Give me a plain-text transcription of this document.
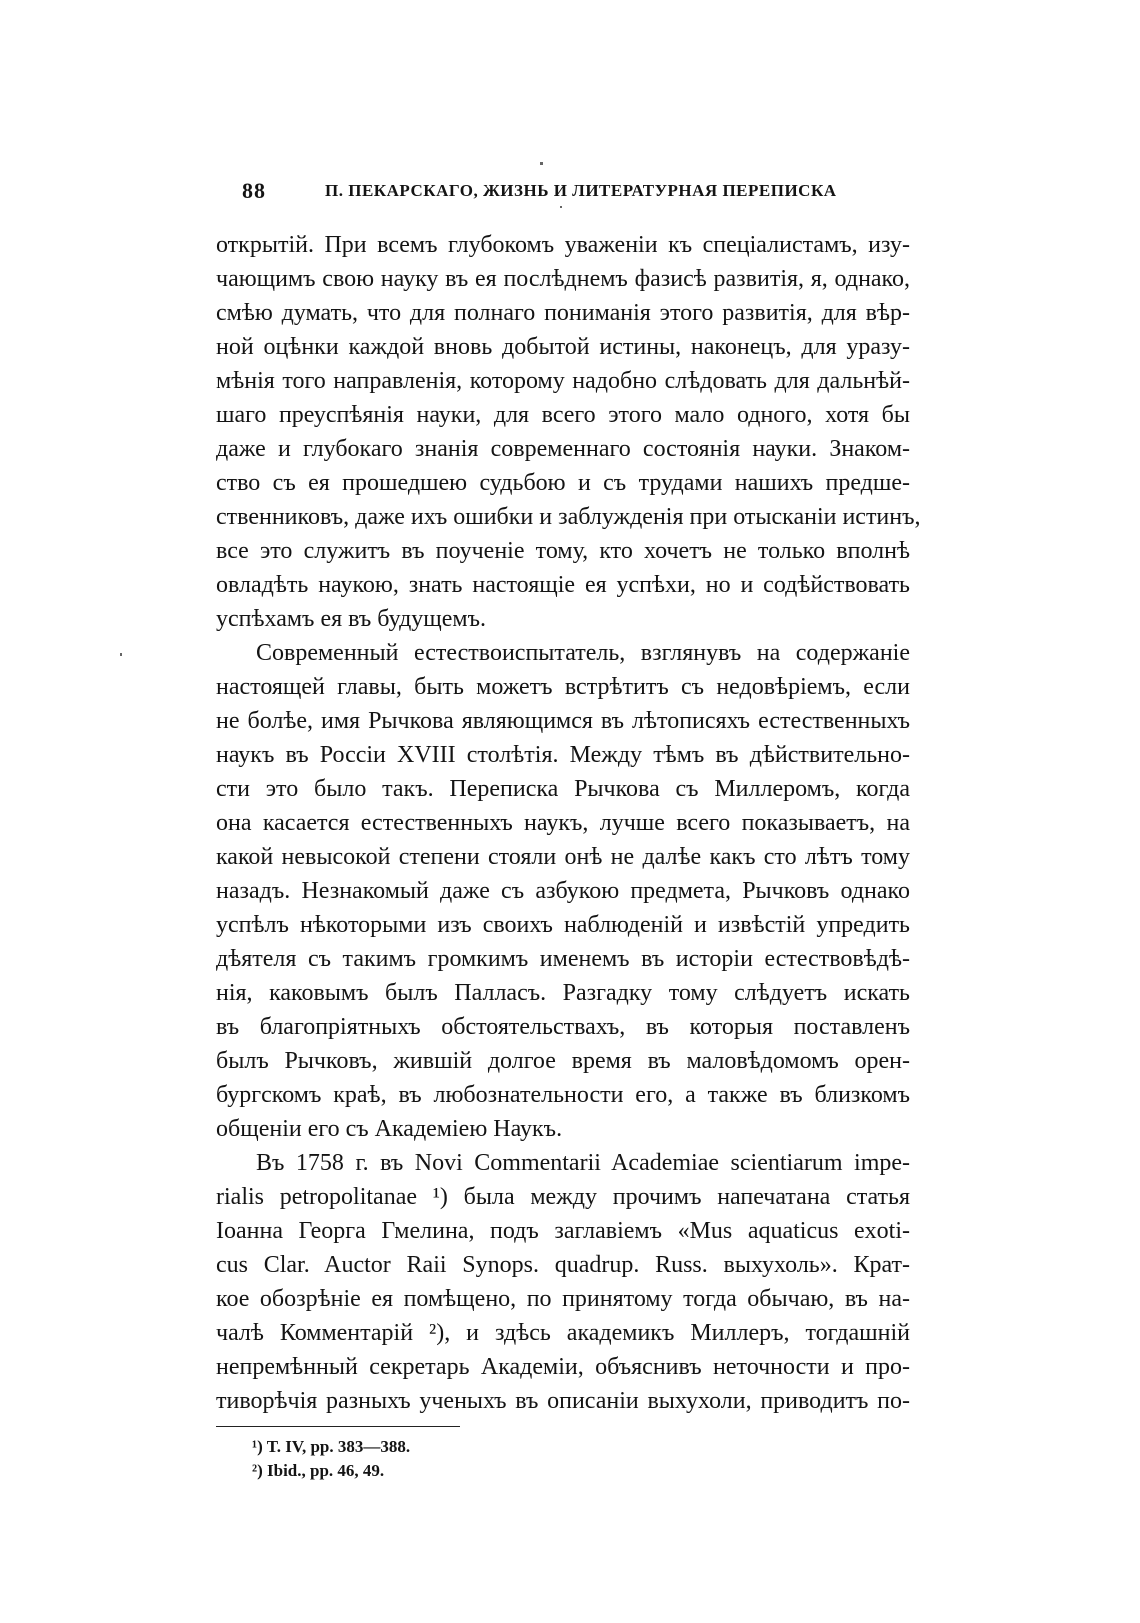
88	П. ПЕКАРСКАГО, ЖИЗНЬ И ЛИТЕРАТУРНАЯ ПЕРЕПИСКА
открытій. При всемъ глубокомъ уваженіи къ спеціалистамъ, изу-
чающимъ свою науку въ ея послѣднемъ фазисѣ развитія, я, однако,
смѣю думать, что для полнаго пониманія этого развитія, для вѣр-
ной оцѣнки каждой вновь добытой истины, наконецъ, для уразу-
мѣнія того направленія, которому надобно слѣдовать для дальнѣй-
шаго преуспѣянія науки, для всего этого мало одного, хотя бы
даже и глубокаго знанія современнаго состоянія науки. Знаком-
ство съ ея прошедшею судьбою и съ трудами нашихъ предше-
ственниковъ, даже ихъ ошибки и заблужденія при отысканіи истинъ,
все это служитъ въ поученіе тому, кто хочетъ не только вполнѣ
овладѣть наукою, знать настоящіе ея успѣхи, но и содѣйствовать
успѣхамъ ея въ будущемъ.
Современный естествоиспытатель, взглянувъ на содержаніе
настоящей главы, быть можетъ встрѣтитъ съ недовѣріемъ, если
не болѣе, имя Рычкова являющимся въ лѣтописяхъ естественныхъ
наукъ въ Россіи XVIII столѣтія. Между тѣмъ въ дѣйствительно-
сти это было такъ. Переписка Рычкова съ Миллеромъ, когда
она касается естественныхъ наукъ, лучше всего показываетъ, на
какой невысокой степени стояли онѣ не далѣе какъ сто лѣтъ тому
назадъ. Незнакомый даже съ азбукою предмета, Рычковъ однако
успѣлъ нѣкоторыми изъ своихъ наблюденій и извѣстій упредить
дѣятеля съ такимъ громкимъ именемъ въ исторіи естествовѣдѣ-
нія, каковымъ былъ Палласъ. Разгадку тому слѣдуетъ искать
въ благопріятныхъ обстоятельствахъ, въ которыя поставленъ
былъ Рычковъ, жившій долгое время въ маловѣдомомъ орен-
бургскомъ краѣ, въ любознательности его, а также въ близкомъ
общеніи его съ Академіею Наукъ.
Въ 1758 г. въ Novi Commentarii Academiae scientiarum impe-
rialis petropolitanae ¹) была между прочимъ напечатана статья
Іоанна Георга Гмелина, подъ заглавіемъ «Mus aquaticus exoti-
cus Clar. Auctor Raii Synops. quadrup. Russ. выхухоль». Крат-
кое обозрѣніе ея помѣщено, по принятому тогда обычаю, въ на-
чалѣ Комментарій ²), и здѣсь академикъ Миллеръ, тогдашній
непремѣнный секретарь Академіи, объяснивъ неточности и про-
тиворѣчія разныхъ ученыхъ въ описаніи выхухоли, приводитъ по-
¹) T. IV, pp. 383—388.
²) Ibid., pp. 46, 49.
